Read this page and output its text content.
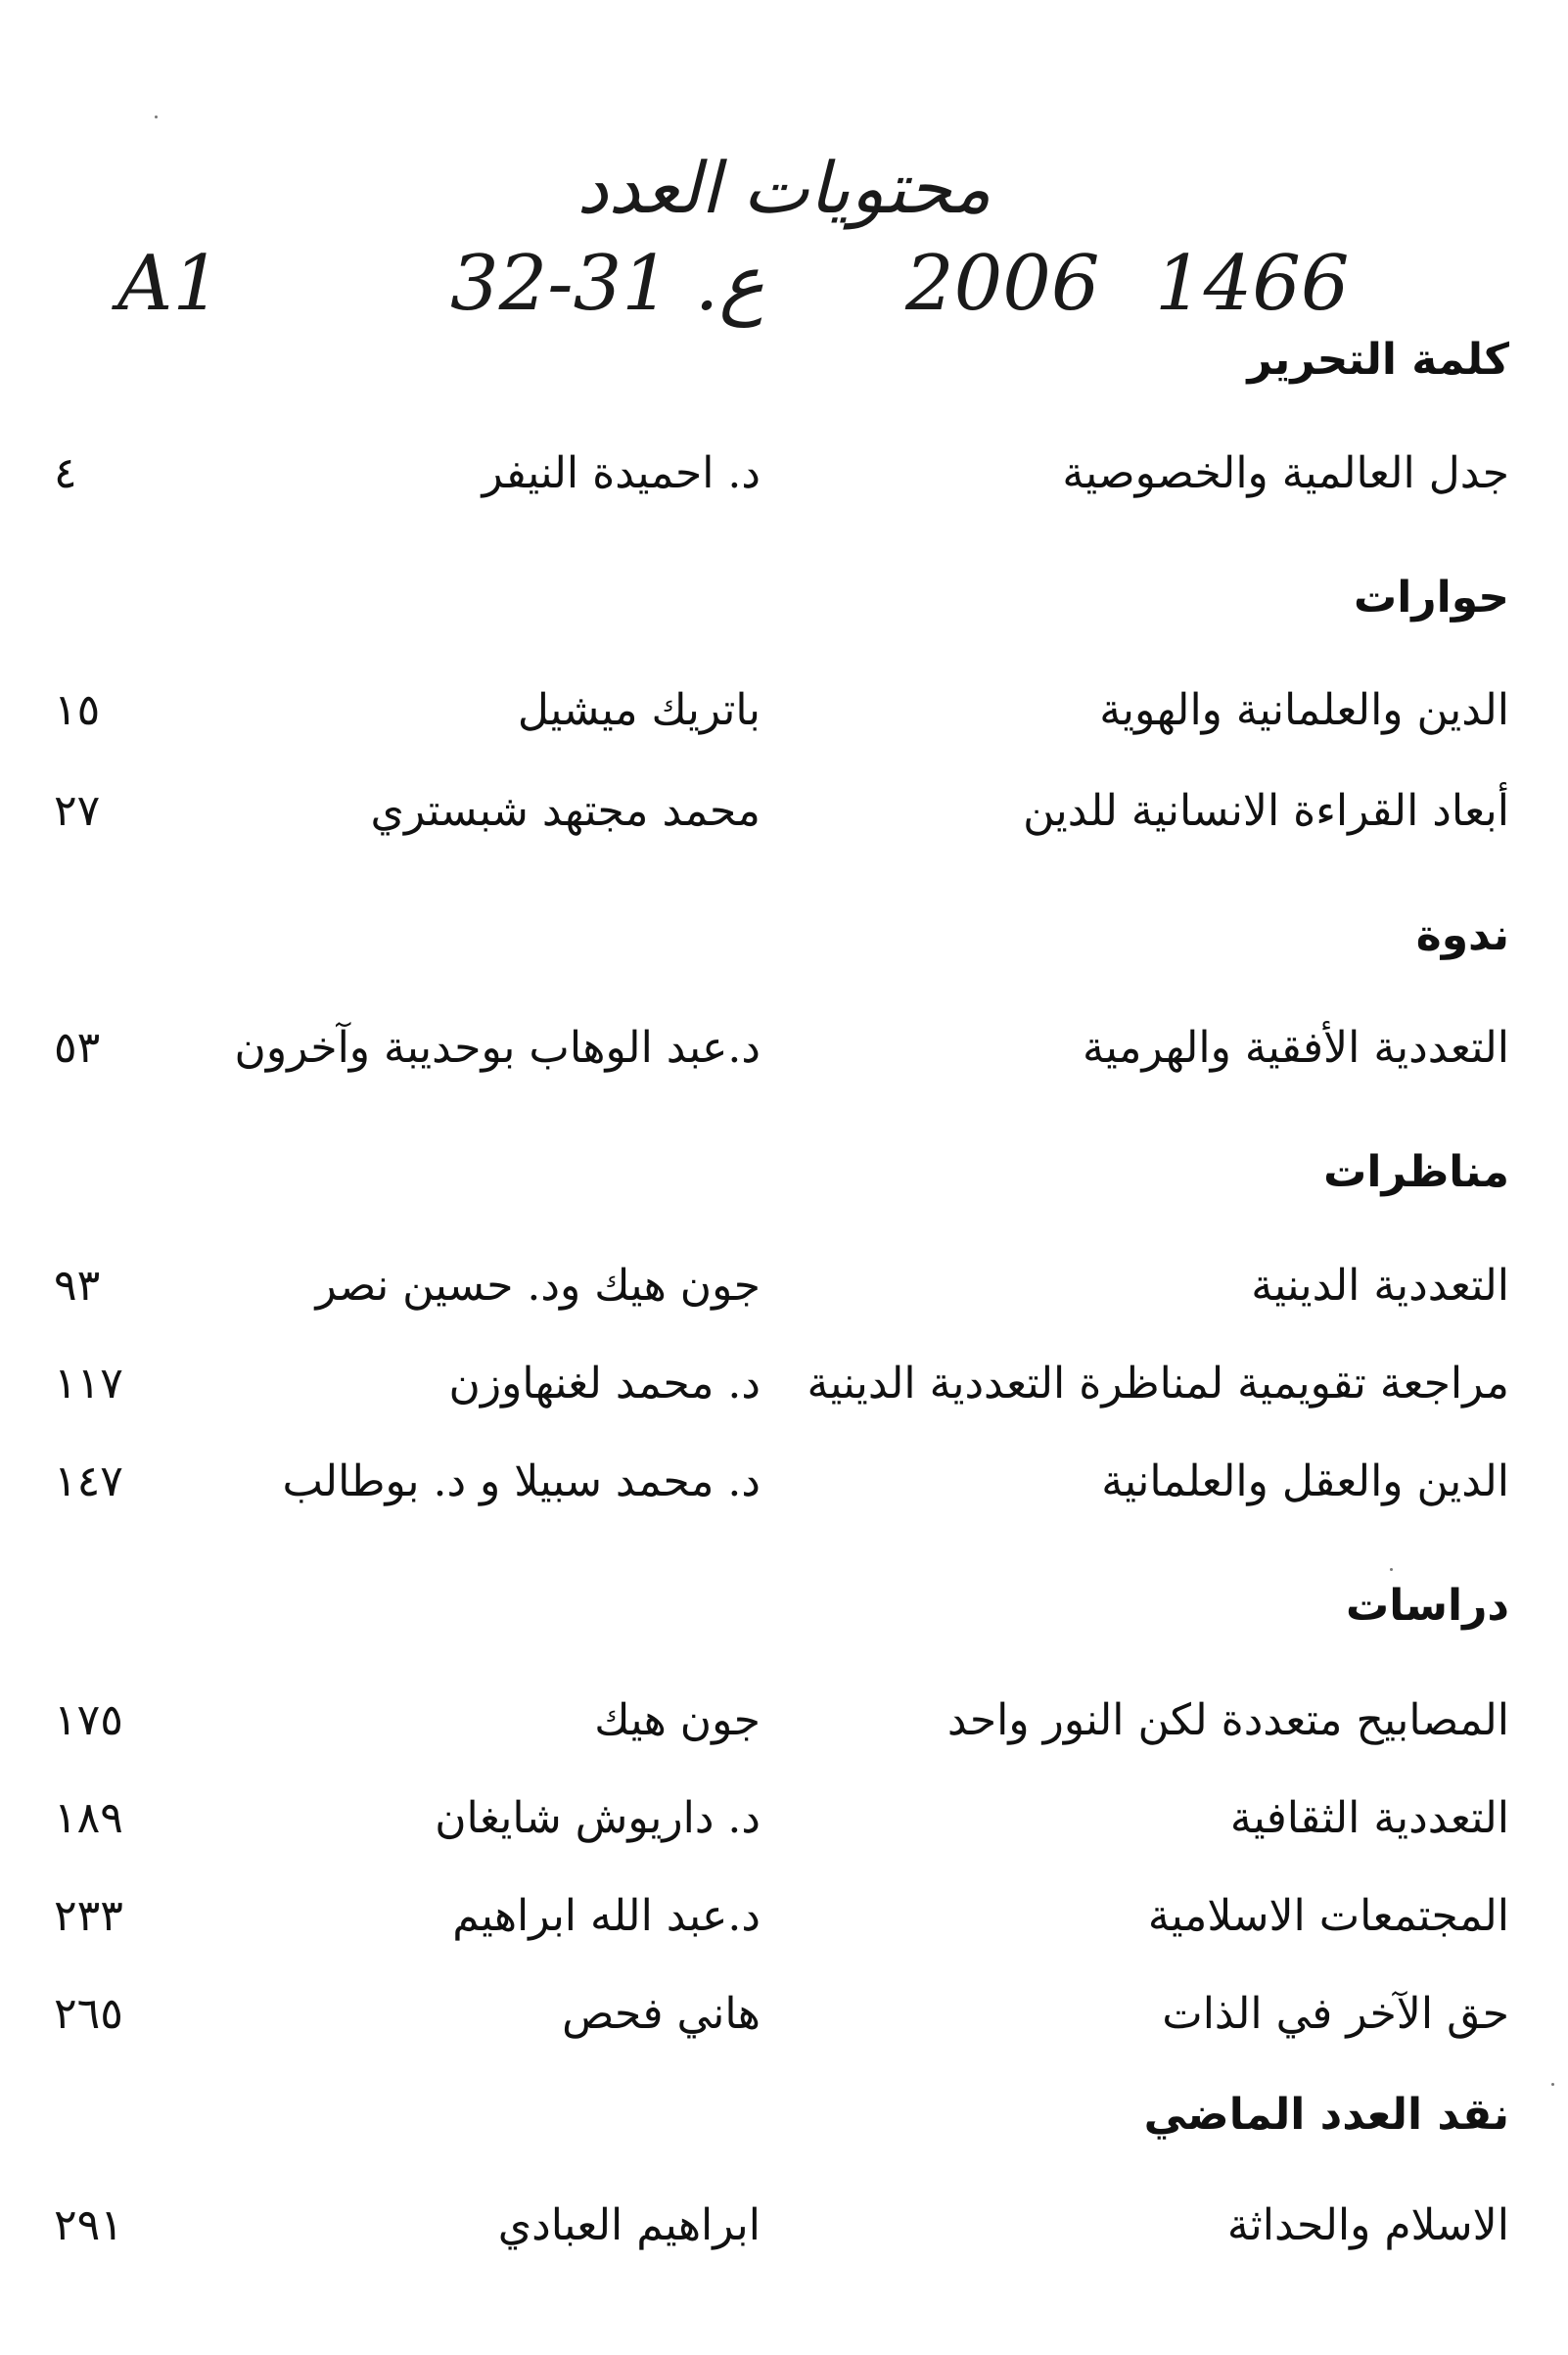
محتويات العدد
A1	32-31 .ع 2006 1466
كلمة التحرير
جدل العالمية والخصوصية
د. احميدة النيفر
٤
حوارات
الدين والعلمانية والهوية
باتريك ميشيل
١٥
أبعاد القراءة الانسانية للدين
محمد مجتهد شبستري
٢٧
ندوة
التعددية الأفقية والهرمية
د.عبد الوهاب بوحديبة وآخرون
٥٣
مناظرات
التعددية الدينية
جون هيك ود. حسين نصر
٩٣
مراجعة تقويمية لمناظرة التعددية الدينية
د. محمد لغنهاوزن
١١٧
الدين والعقل والعلمانية
د. محمد سبيلا و د. بوطالب
١٤٧
دراسات
المصابيح متعددة لكن النور واحد
جون هيك
١٧٥
التعددية الثقافية
د. داريوش شايغان
١٨٩
المجتمعات الاسلامية
د.عبد الله ابراهيم
٢٣٣
حق الآخر في الذات
هاني فحص
٢٦٥
نقد العدد الماضي
الاسلام والحداثة
ابراهيم العبادي
٢٩١
